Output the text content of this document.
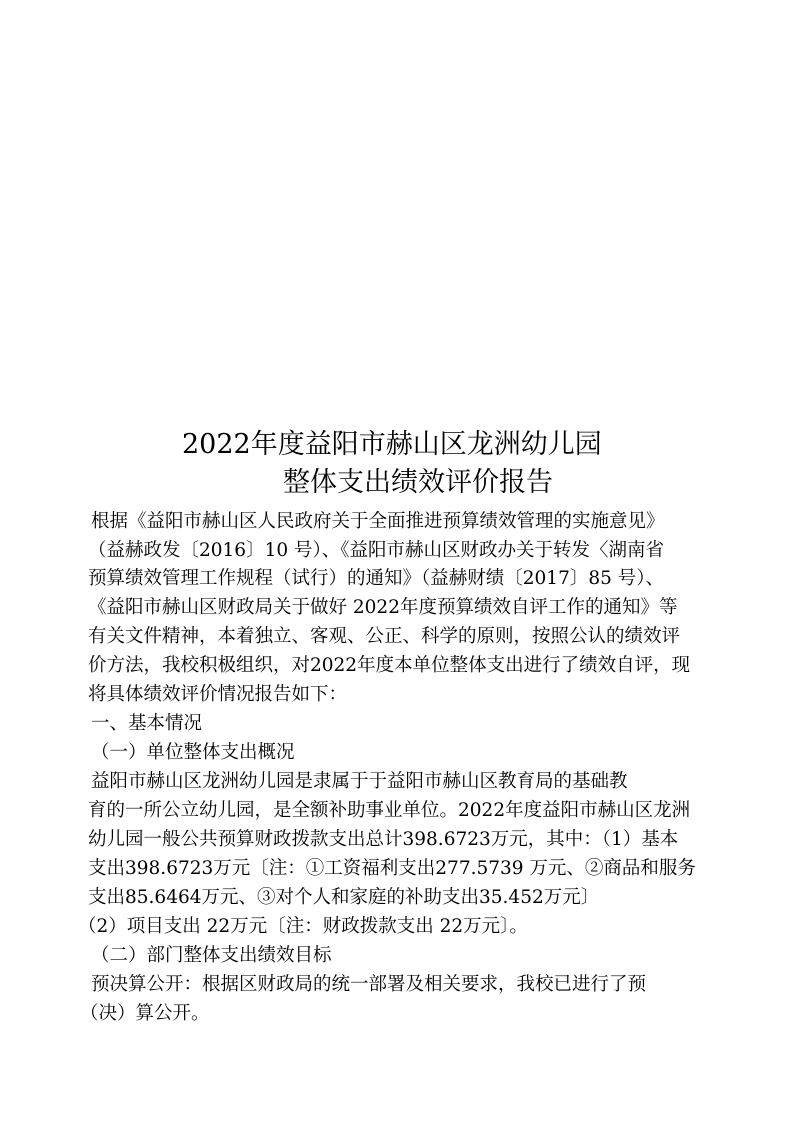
2022年度益阳市赫山区龙洲幼儿园
整体支出绩效评价报告
根据《益阳市赫山区人民政府关于全面推进预算绩效管理的实施意见》
（益赫政发〔2016〕10 号）、《益阳市赫山区财政办关于转发〈湖南省
预算绩效管理工作规程（试行）的通知》（益赫财绩〔2017〕85 号）、
《益阳市赫山区财政局关于做好 2022年度预算绩效自评工作的通知》等
有关文件精神，本着独立、客观、公正、科学的原则，按照公认的绩效评
价方法，我校积极组织，对2022年度本单位整体支出进行了绩效自评，现
将具体绩效评价情况报告如下：
一、基本情况
（一）单位整体支出概况
益阳市赫山区龙洲幼儿园是隶属于于益阳市赫山区教育局的基础教
育的一所公立幼儿园，是全额补助事业单位。2022年度益阳市赫山区龙洲
幼儿园一般公共预算财政拨款支出总计398.6723万元，其中：（1）基本
支出398.6723万元〔注：①工资福利支出277.5739 万元、②商品和服务
支出85.6464万元、③对个人和家庭的补助支出35.452万元〕
（2）项目支出 22万元〔注：财政拨款支出 22万元〕。
（二）部门整体支出绩效目标
预决算公开：根据区财政局的统一部署及相关要求，我校已进行了预
（决）算公开。
